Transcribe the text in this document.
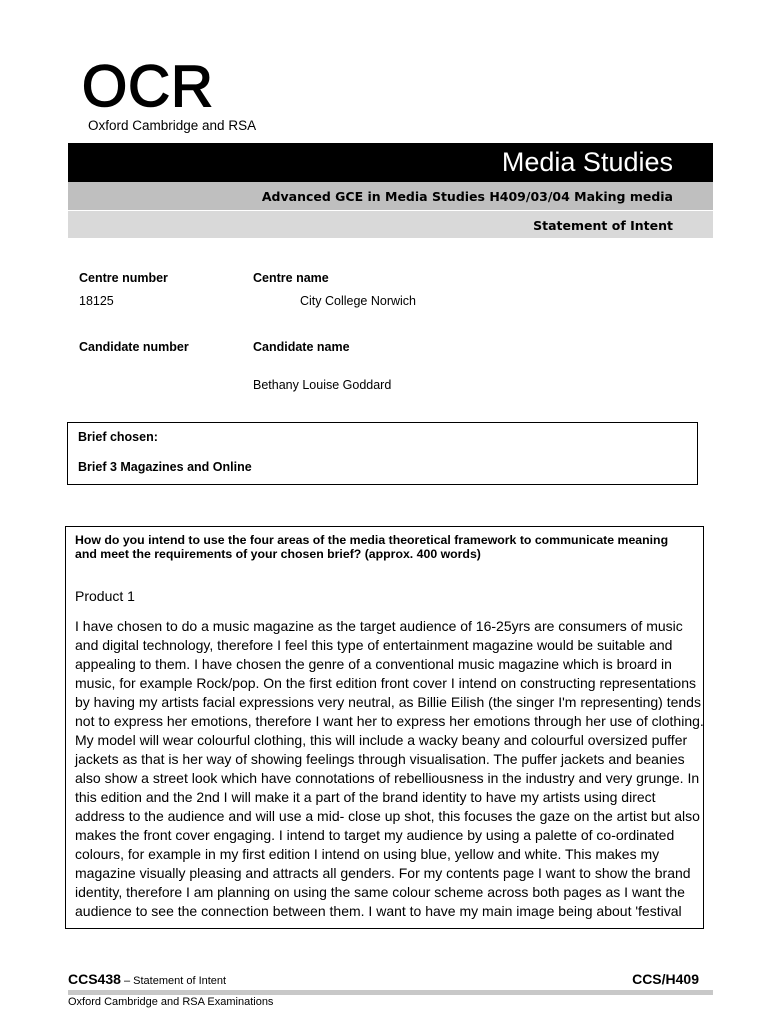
OCR
Oxford Cambridge and RSA
Media Studies
Advanced GCE in Media Studies H409/03/04 Making media
Statement of Intent
Centre number
18125
Centre name
City College Norwich
Candidate number	Candidate name
Bethany Louise Goddard
Brief chosen:
Brief 3 Magazines and Online
How do you intend to use the four areas of the media theoretical framework to communicate meaning and meet the requirements of your chosen brief? (approx. 400 words)
Product 1
I have chosen to do a music magazine as the target audience of 16-25yrs are consumers of music
and digital technology, therefore I feel this type of entertainment magazine would be suitable and
appealing to them. I have chosen the genre of a conventional music magazine which is broard in
music, for example Rock/pop. On the first edition front cover I intend on constructing representations
by having my artists facial expressions very neutral, as Billie Eilish (the singer I'm representing) tends
not to express her emotions, therefore I want her to express her emotions through her use of clothing.
My model will wear colourful clothing, this will include a wacky beany and colourful oversized puffer
jackets as that is her way of showing feelings through visualisation. The puffer jackets and beanies
also show a street look which have connotations of rebelliousness in the industry and very grunge. In
this edition and the 2nd I will make it a part of the brand identity to have my artists using direct
address to the audience and will use a mid- close up shot, this focuses the gaze on the artist but also
makes the front cover engaging. I intend to target my audience by using a palette of co-ordinated
colours, for example in my first edition I intend on using blue, yellow and white. This makes my
magazine visually pleasing and attracts all genders. For my contents page I want to show the brand
identity, therefore I am planning on using the same colour scheme across both pages as I want the
audience to see the connection between them. I want to have my main image being about 'festival
CCS438 – Statement of Intent	CCS/H409
Oxford Cambridge and RSA Examinations
